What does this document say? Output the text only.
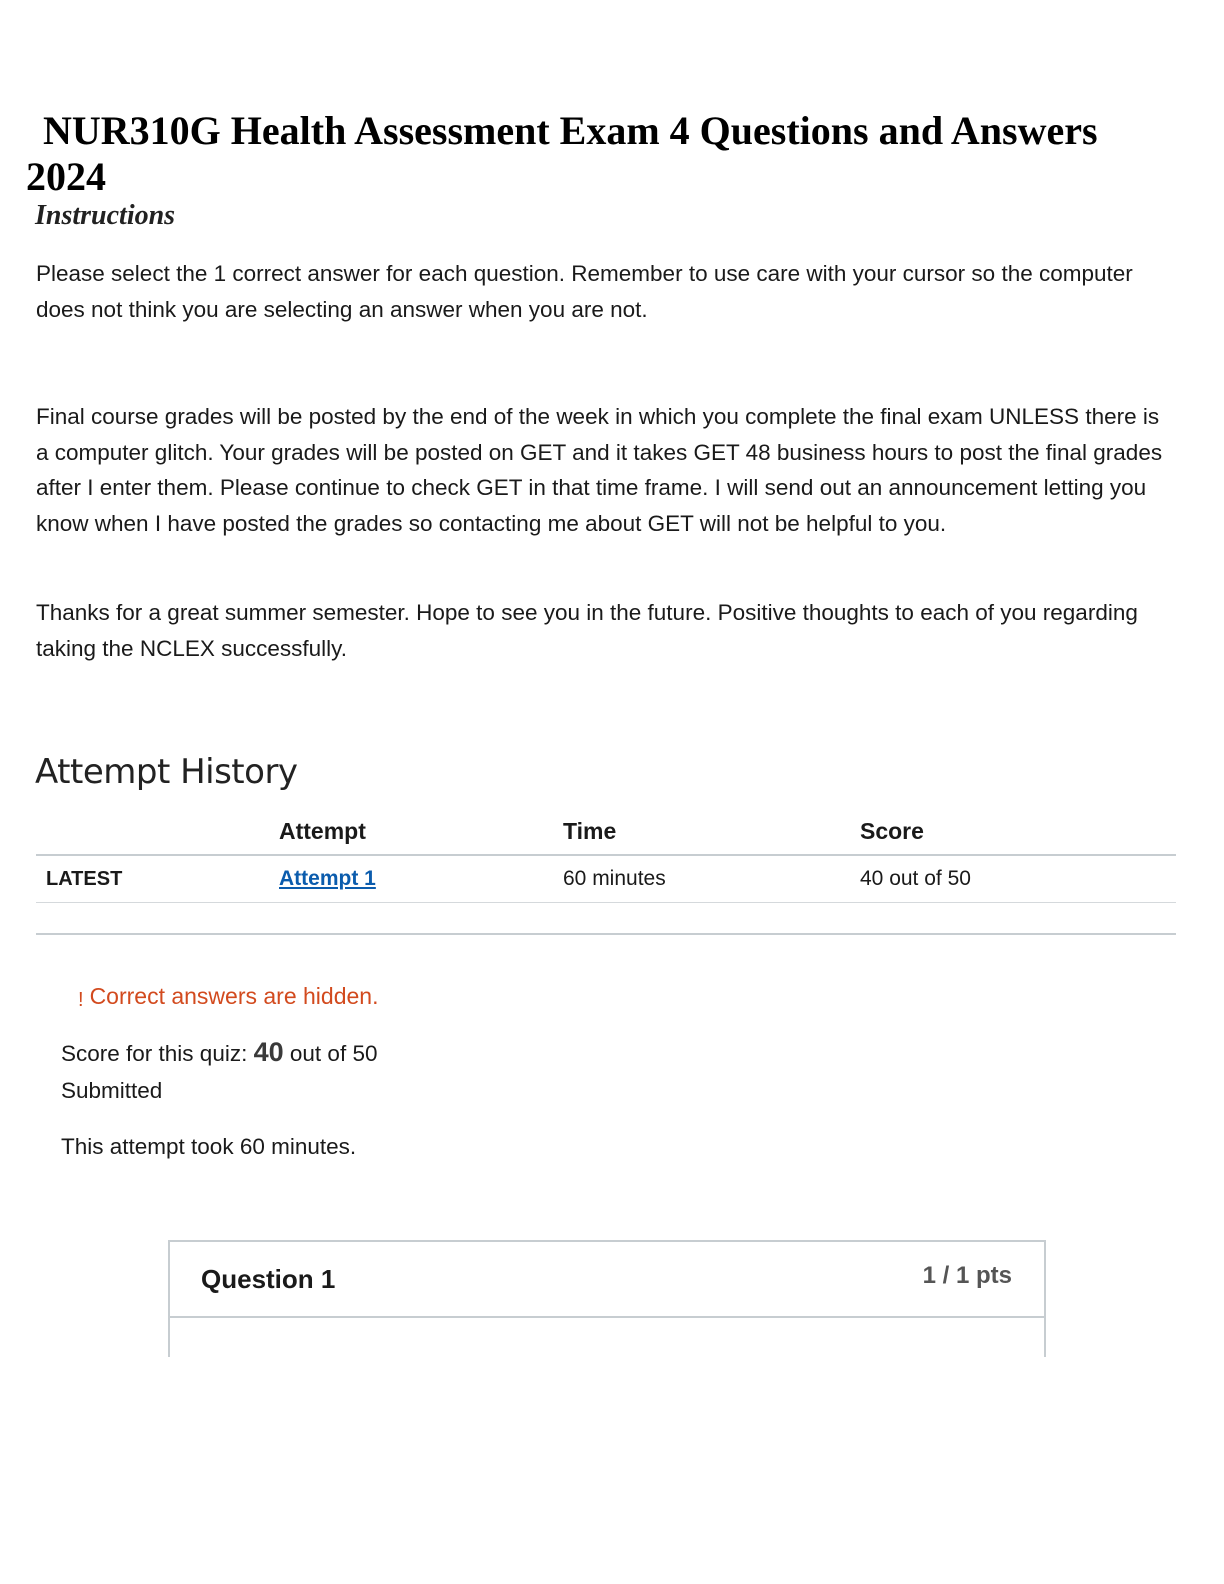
NUR310G Health Assessment Exam 4 Questions and Answers
2024
Instructions

Please select the 1 correct answer for each question. Remember to use care with your cursor so the computer does not think you are selecting an answer when you are not.

Final course grades will be posted by the end of the week in which you complete the final exam UNLESS there is a computer glitch. Your grades will be posted on GET and it takes GET 48 business hours to post the final grades after I enter them. Please continue to check GET in that time frame. I will send out an announcement letting you know when I have posted the grades so contacting me about GET will not be helpful to you.

Thanks for a great summer semester. Hope to see you in the future. Positive thoughts to each of you regarding taking the NCLEX successfully.

Attempt History
	Attempt	Time	Score
LATEST	Attempt 1	60 minutes	40 out of 50
! Correct answers are hidden.
Score for this quiz: 40 out of 50
Submitted
This attempt took 60 minutes.
Question 1	1 / 1 pts
